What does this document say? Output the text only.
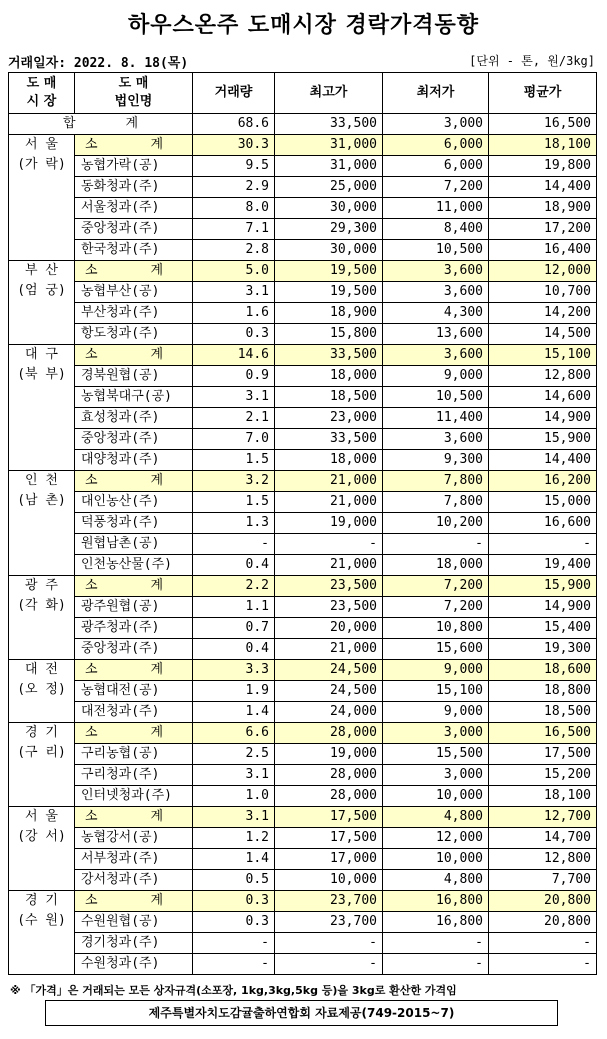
하우스온주 도매시장 경락가격동향
거래일자: 2022. 8. 18(목)	[단위 - 톤, 원/3kg]
도 매
시 장	도 매
법인명	거래량	최고가	최저가	평균가

합 계		68.6	33,500	3,000	16,500
서 울
(가 락)	소 계	30.3	31,000	6,000	18,100
	농협가락(공)	9.5	31,000	6,000	19,800
	동화청과(주)	2.9	25,000	7,200	14,400
	서울청과(주)	8.0	30,000	11,000	18,900
	중앙청과(주)	7.1	29,300	8,400	17,200
	한국청과(주)	2.8	30,000	10,500	16,400
부 산
(엄 궁)	소 계	5.0	19,500	3,600	12,000
	농협부산(공)	3.1	19,500	3,600	10,700
	부산청과(주)	1.6	18,900	4,300	14,200
	항도청과(주)	0.3	15,800	13,600	14,500
대 구
(북 부)	소 계	14.6	33,500	3,600	15,100
	경북원협(공)	0.9	18,000	9,000	12,800
	농협북대구(공)	3.1	18,500	10,500	14,600
	효성청과(주)	2.1	23,000	11,400	14,900
	중앙청과(주)	7.0	33,500	3,600	15,900
	대양청과(주)	1.5	18,000	9,300	14,400
인 천
(남 촌)	소 계	3.2	21,000	7,800	16,200
	대인농산(주)	1.5	21,000	7,800	15,000
	덕풍청과(주)	1.3	19,000	10,200	16,600
	원협남촌(공)	-	-	-	-
	인천농산물(주)	0.4	21,000	18,000	19,400
광 주
(각 화)	소 계	2.2	23,500	7,200	15,900
	광주원협(공)	1.1	23,500	7,200	14,900
	광주청과(주)	0.7	20,000	10,800	15,400
	중앙청과(주)	0.4	21,000	15,600	19,300
대 전
(오 정)	소 계	3.3	24,500	9,000	18,600
	농협대전(공)	1.9	24,500	15,100	18,800
	대전청과(주)	1.4	24,000	9,000	18,500
경 기
(구 리)	소 계	6.6	28,000	3,000	16,500
	구리농협(공)	2.5	19,000	15,500	17,500
	구리청과(주)	3.1	28,000	3,000	15,200
	인터넷청과(주)	1.0	28,000	10,000	18,100
서 울
(강 서)	소 계	3.1	17,500	4,800	12,700
	농협강서(공)	1.2	17,500	12,000	14,700
	서부청과(주)	1.4	17,000	10,000	12,800
	강서청과(주)	0.5	10,000	4,800	7,700
경 기
(수 원)	소 계	0.3	23,700	16,800	20,800
	수원원협(공)	0.3	23,700	16,800	20,800
	경기청과(주)	-	-	-	-
	수원청과(주)	-	-	-	-
※ 「가격」은 거래되는 모든 상자규격(소포장, 1kg,3kg,5kg 등)을 3kg로 환산한 가격임
제주특별자치도감귤출하연합회 자료제공(749-2015~7)
